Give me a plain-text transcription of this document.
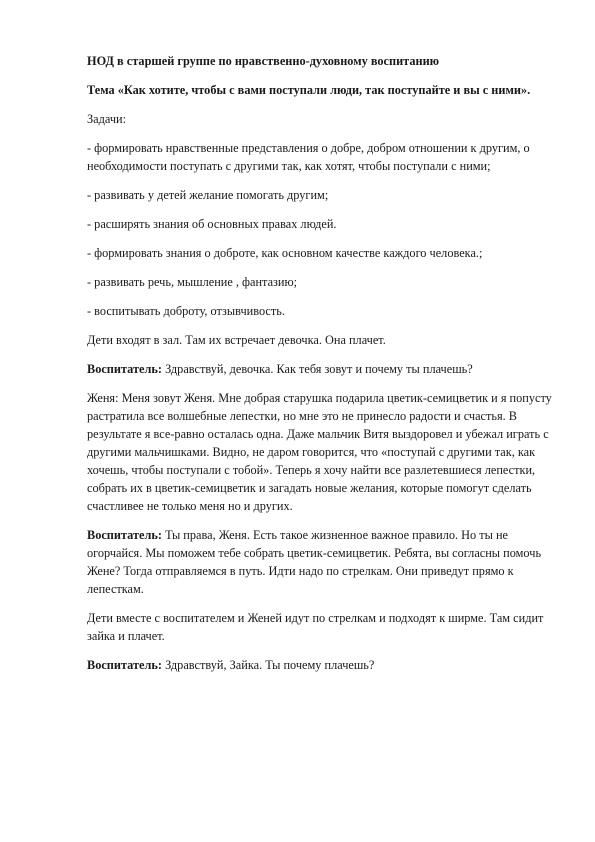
НОД в старшей группе по нравственно-духовному воспитанию

Тема «Как хотите, чтобы с вами поступали люди, так поступайте и вы с ними».

Задачи:

- формировать нравственные представления о добре, добром отношении к другим, о необходимости поступать с другими так, как хотят, чтобы поступали с ними;

- развивать у детей желание помогать другим;

- расширять знания об основных правах людей.

- формировать знания о доброте, как основном качестве каждого человека.;

- развивать речь, мышление , фантазию;

- воспитывать доброту, отзывчивость.

Дети входят в зал. Там их встречает девочка. Она плачет.

Воспитатель: Здравствуй, девочка. Как тебя зовут и почему ты плачешь?

Женя: Меня зовут Женя. Мне добрая старушка подарила цветик-семицветик и я попусту растратила все волшебные лепестки, но мне это не принесло радости и счастья. В результате я все-равно осталась одна. Даже мальчик Витя выздоровел и убежал играть с другими мальчишками. Видно, не даром говорится, что «поступай с другими так, как хочешь, чтобы поступали с тобой». Теперь я хочу найти все разлетевшиеся лепестки, собрать их в цветик-семицветик и загадать новые желания, которые помогут сделать счастливее не только меня но и других.

Воспитатель: Ты права, Женя. Есть такое жизненное важное правило. Но ты не огорчайся. Мы поможем тебе собрать цветик-семицветик. Ребята, вы согласны помочь Жене? Тогда отправляемся в путь. Идти надо по стрелкам. Они приведут прямо к лепесткам.

Дети вместе с воспитателем и Женей идут по стрелкам и подходят к ширме. Там сидит зайка и плачет.

Воспитатель: Здравствуй, Зайка. Ты почему плачешь?
